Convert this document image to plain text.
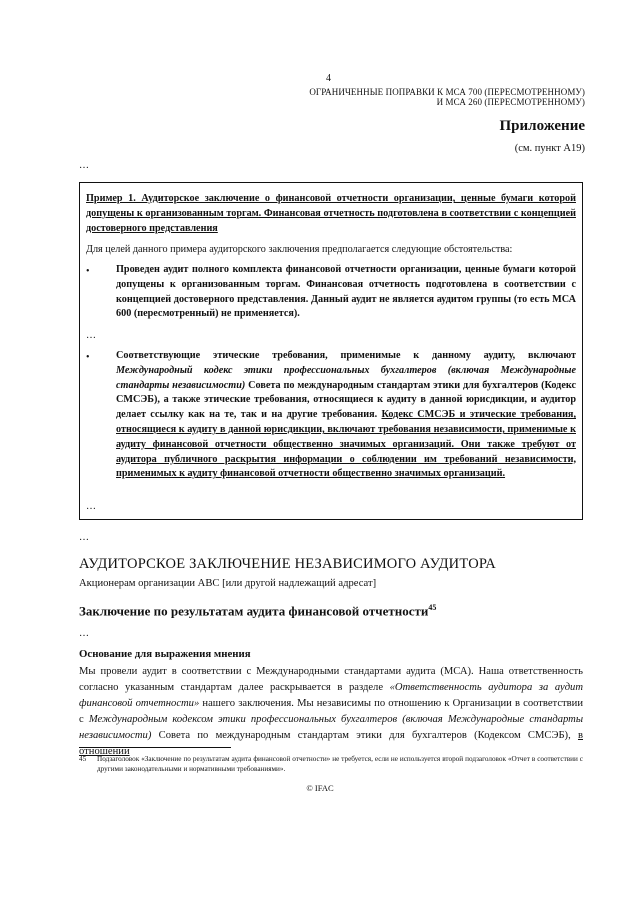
4
ОГРАНИЧЕННЫЕ ПОПРАВКИ К МСА 700 (ПЕРЕСМОТРЕННОМУ)
И МСА 260 (ПЕРЕСМОТРЕННОМУ)
Приложение
(см. пункт A19)
…
Пример 1. Аудиторское заключение о финансовой отчетности организации, ценные бумаги которой допущены к организованным торгам. Финансовая отчетность подготовлена в соответствии с концепцией достоверного представления
Для целей данного примера аудиторского заключения предполагается следующие обстоятельства:
•	Проведен аудит полного комплекта финансовой отчетности организации, ценные бумаги которой допущены к организованным торгам. Финансовая отчетность подготовлена в соответствии с концепцией достоверного представления. Данный аудит не является аудитом группы (то есть МСА 600 (пересмотренный) не применяется).
…
•	Соответствующие этические требования, применимые к данному аудиту, включают Международный кодекс этики профессиональных бухгалтеров (включая Международные стандарты независимости) Совета по международным стандартам этики для бухгалтеров (Кодекс СМСЭБ), а также этические требования, относящиеся к аудиту в данной юрисдикции, и аудитор делает ссылку как на те, так и на другие требования. Кодекс СМСЭБ и этические требования, относящиеся к аудиту в данной юрисдикции, включают требования независимости, применимые к аудиту финансовой отчетности общественно значимых организаций. Они также требуют от аудитора публичного раскрытия информации о соблюдении им требований независимости, применимых к аудиту финансовой отчетности общественно значимых организаций.
…
…
АУДИТОРСКОЕ ЗАКЛЮЧЕНИЕ НЕЗАВИСИМОГО АУДИТОРА
Акционерам организации ABC [или другой надлежащий адресат]
Заключение по результатам аудита финансовой отчетности$^{45}$
…
Основание для выражения мнения
Мы провели аудит в соответствии с Международными стандартами аудита (МСА). Наша ответственность согласно указанным стандартам далее раскрывается в разделе «Ответственность аудитора за аудит финансовой отчетности» нашего заключения. Мы независимы по отношению к Организации в соответствии с Международным кодексом этики профессиональных бухгалтеров (включая Международные стандарты независимости) Совета по международным стандартам этики для бухгалтеров (Кодексом СМСЭБ), в отношении
45 Подзаголовок «Заключение по результатам аудита финансовой отчетности» не требуется, если не используется второй подзаголовок «Отчет в соответствии с другими законодательными и нормативными требованиями».
© IFAC
